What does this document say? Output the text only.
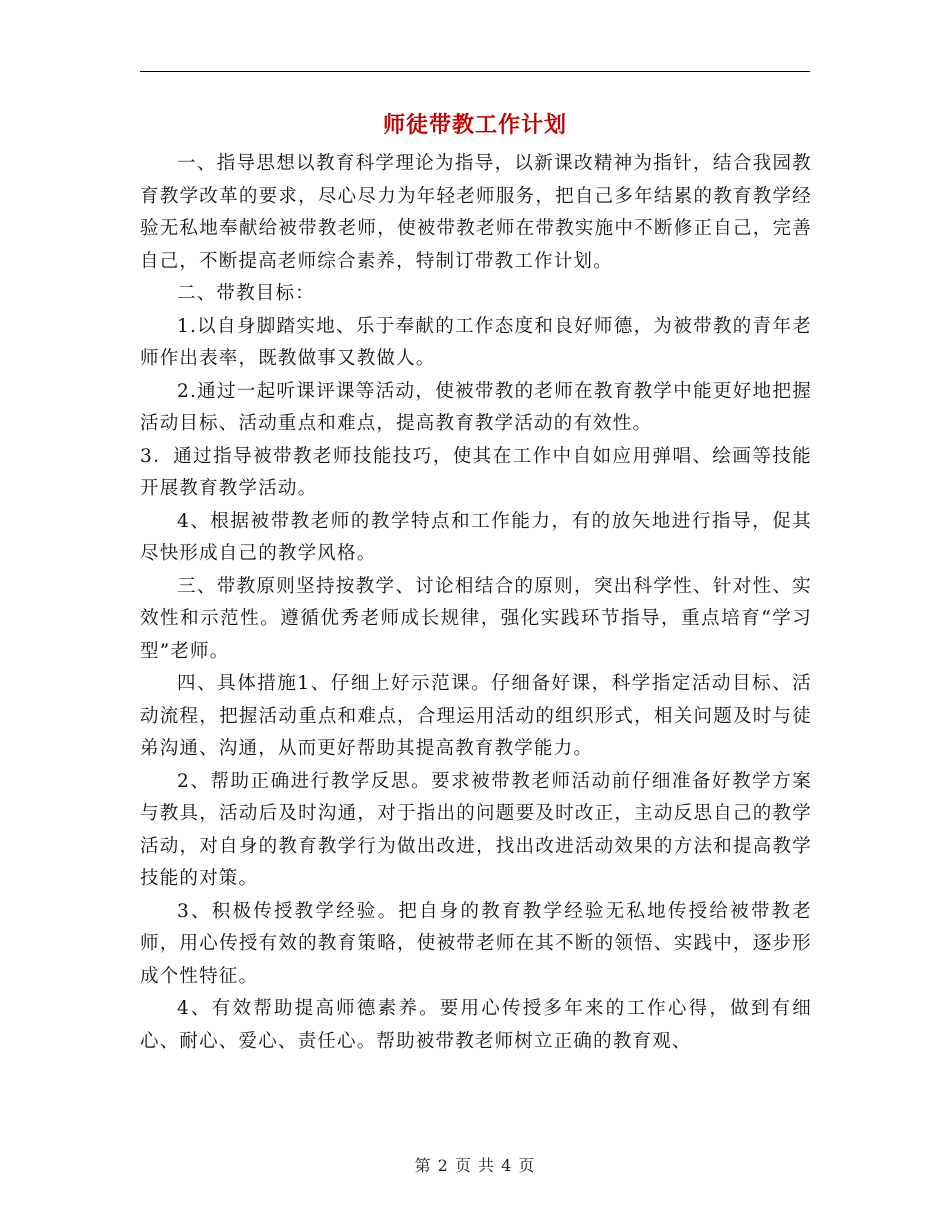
师徒带教工作计划

一、指导思想以教育科学理论为指导，以新课改精神为指针，结合我园教育教学改革的要求，尽心尽力为年轻老师服务，把自己多年结累的教育教学经验无私地奉献给被带教老师，使被带教老师在带教实施中不断修正自己，完善自己，不断提高老师综合素养，特制订带教工作计划。

二、带教目标：

1.以自身脚踏实地、乐于奉献的工作态度和良好师德，为被带教的青年老师作出表率，既教做事又教做人。

2.通过一起听课评课等活动，使被带教的老师在教育教学中能更好地把握活动目标、活动重点和难点，提高教育教学活动的有效性。

3．通过指导被带教老师技能技巧，使其在工作中自如应用弹唱、绘画等技能开展教育教学活动。

4、根据被带教老师的教学特点和工作能力，有的放矢地进行指导，促其尽快形成自己的教学风格。

三、带教原则坚持按教学、讨论相结合的原则，突出科学性、针对性、实效性和示范性。遵循优秀老师成长规律，强化实践环节指导，重点培育“学习型”老师。

四、具体措施1、仔细上好示范课。仔细备好课，科学指定活动目标、活动流程，把握活动重点和难点，合理运用活动的组织形式，相关问题及时与徒弟沟通、沟通，从而更好帮助其提高教育教学能力。

2、帮助正确进行教学反思。要求被带教老师活动前仔细准备好教学方案与教具，活动后及时沟通，对于指出的问题要及时改正，主动反思自己的教学活动，对自身的教育教学行为做出改进，找出改进活动效果的方法和提高教学技能的对策。

3、积极传授教学经验。把自身的教育教学经验无私地传授给被带教老师，用心传授有效的教育策略，使被带老师在其不断的领悟、实践中，逐步形成个性特征。

4、有效帮助提高师德素养。要用心传授多年来的工作心得，做到有细心、耐心、爱心、责任心。帮助被带教老师树立正确的教育观、

第 2 页 共 4 页
